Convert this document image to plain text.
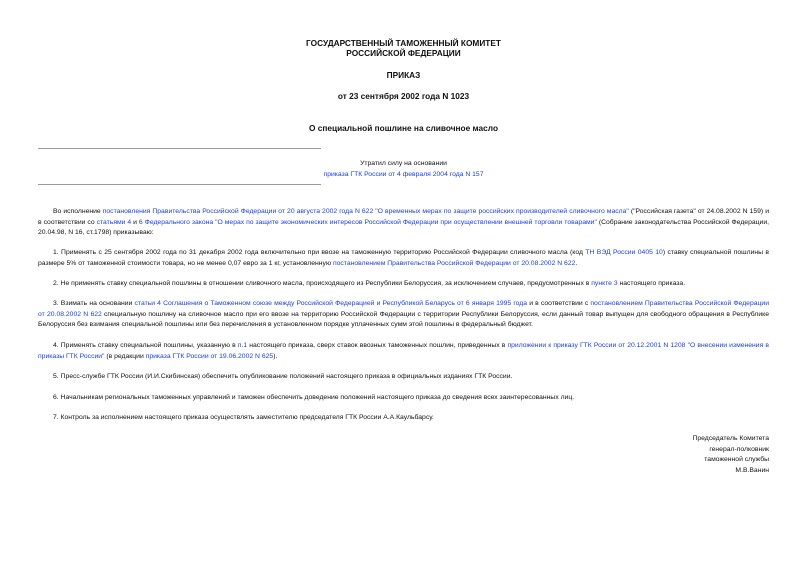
ГОСУДАРСТВЕННЫЙ ТАМОЖЕННЫЙ КОМИТЕТ
РОССИЙСКОЙ ФЕДЕРАЦИИ
ПРИКАЗ
от 23 сентября 2002 года N 1023
О специальной пошлине на сливочное масло
Утратил силу на основании
приказа ГТК России от 4 февраля 2004 года N 157
Во исполнение постановления Правительства Российской Федерации от 20 августа 2002 года N 622 "О временных мерах по защите российских производителей сливочного масла" ("Российская газета" от 24.08.2002 N 159) и в соответствии со статьями 4 и 6 Федерального закона "О мерах по защите экономических интересов Российской Федерации при осуществлении внешней торговли товарами" (Собрание законодательства Российской Федерации, 20.04.98, N 16, ст.1798) приказываю:
1. Применять с 25 сентября 2002 года по 31 декабря 2002 года включительно при ввозе на таможенную территорию Российской Федерации сливочного масла (код ТН ВЭД России 0405 10) ставку специальной пошлины в размере 5% от таможенной стоимости товара, но не менее 0,07 евро за 1 кг, установленную постановлением Правительства Российской Федерации от 20.08.2002 N 622.
2. Не применять ставку специальной пошлины в отношении сливочного масла, происходящего из Республики Белоруссия, за исключением случаев, предусмотренных в пункте 3 настоящего приказа.
3. Взимать на основании статьи 4 Соглашения о Таможенном союзе между Российской Федерацией и Республикой Беларусь от 6 января 1995 года и в соответствии с постановлением Правительства Российской Федерации от 20.08.2002 N 622 специальную пошлину на сливочное масло при его ввозе на территорию Российской Федерации с территории Республики Белоруссия, если данный товар выпущен для свободного обращения в Республике Белоруссия без взимания специальной пошлины или без перечисления в установленном порядке уплаченных сумм этой пошлины в федеральный бюджет.
4. Применять ставку специальной пошлины, указанную в п.1 настоящего приказа, сверх ставок ввозных таможенных пошлин, приведенных в приложении к приказу ГТК России от 20.12.2001 N 1208 "О внесении изменения в приказы ГТК России" (в редакции приказа ГТК России от 19.06.2002 N 625).
5. Пресс-службе ГТК России (И.И.Скибинская) обеспечить опубликование положений настоящего приказа в официальных изданиях ГТК России.
6. Начальникам региональных таможенных управлений и таможен обеспечить доведение положений настоящего приказа до сведения всех заинтересованных лиц.
7. Контроль за исполнением настоящего приказа осуществлять заместителю председателя ГТК России А.А.Каульбарсу.
Председатель Комитета
генерал-полковник
таможенной службы
М.В.Ванин
